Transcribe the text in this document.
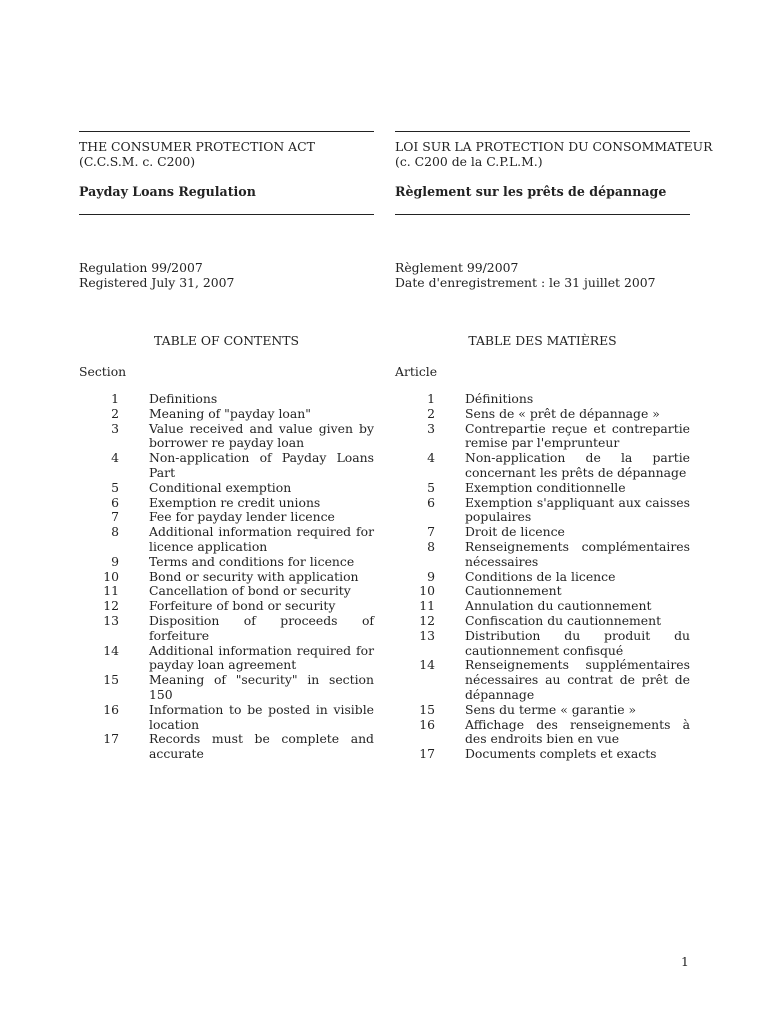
THE CONSUMER PROTECTION ACT
(C.C.S.M. c. C200)
Payday Loans Regulation
Regulation 99/2007
Registered July 31, 2007
TABLE OF CONTENTS
Section
1 Definitions
2 Meaning of "payday loan"
3 Value received and value given by borrower re payday loan
4 Non-application of Payday Loans Part
5 Conditional exemption
6 Exemption re credit unions
7 Fee for payday lender licence
8 Additional information required for licence application
9 Terms and conditions for licence
10 Bond or security with application
11 Cancellation of bond or security
12 Forfeiture of bond or security
13 Disposition of proceeds of forfeiture
14 Additional information required for payday loan agreement
15 Meaning of "security" in section 150
16 Information to be posted in visible location
17 Records must be complete and accurate
LOI SUR LA PROTECTION DU CONSOMMATEUR
(c. C200 de la C.P.L.M.)
Règlement sur les prêts de dépannage
Règlement 99/2007
Date d'enregistrement : le 31 juillet 2007
TABLE DES MATIÈRES
Article
1 Définitions
2 Sens de « prêt de dépannage »
3 Contrepartie reçue et contrepartie remise par l'emprunteur
4 Non-application de la partie concernant les prêts de dépannage
5 Exemption conditionnelle
6 Exemption s'appliquant aux caisses populaires
7 Droit de licence
8 Renseignements complémentaires nécessaires
9 Conditions de la licence
10 Cautionnement
11 Annulation du cautionnement
12 Confiscation du cautionnement
13 Distribution du produit du cautionnement confisqué
14 Renseignements supplémentaires nécessaires au contrat de prêt de dépannage
15 Sens du terme « garantie »
16 Affichage des renseignements à des endroits bien en vue
17 Documents complets et exacts
1
